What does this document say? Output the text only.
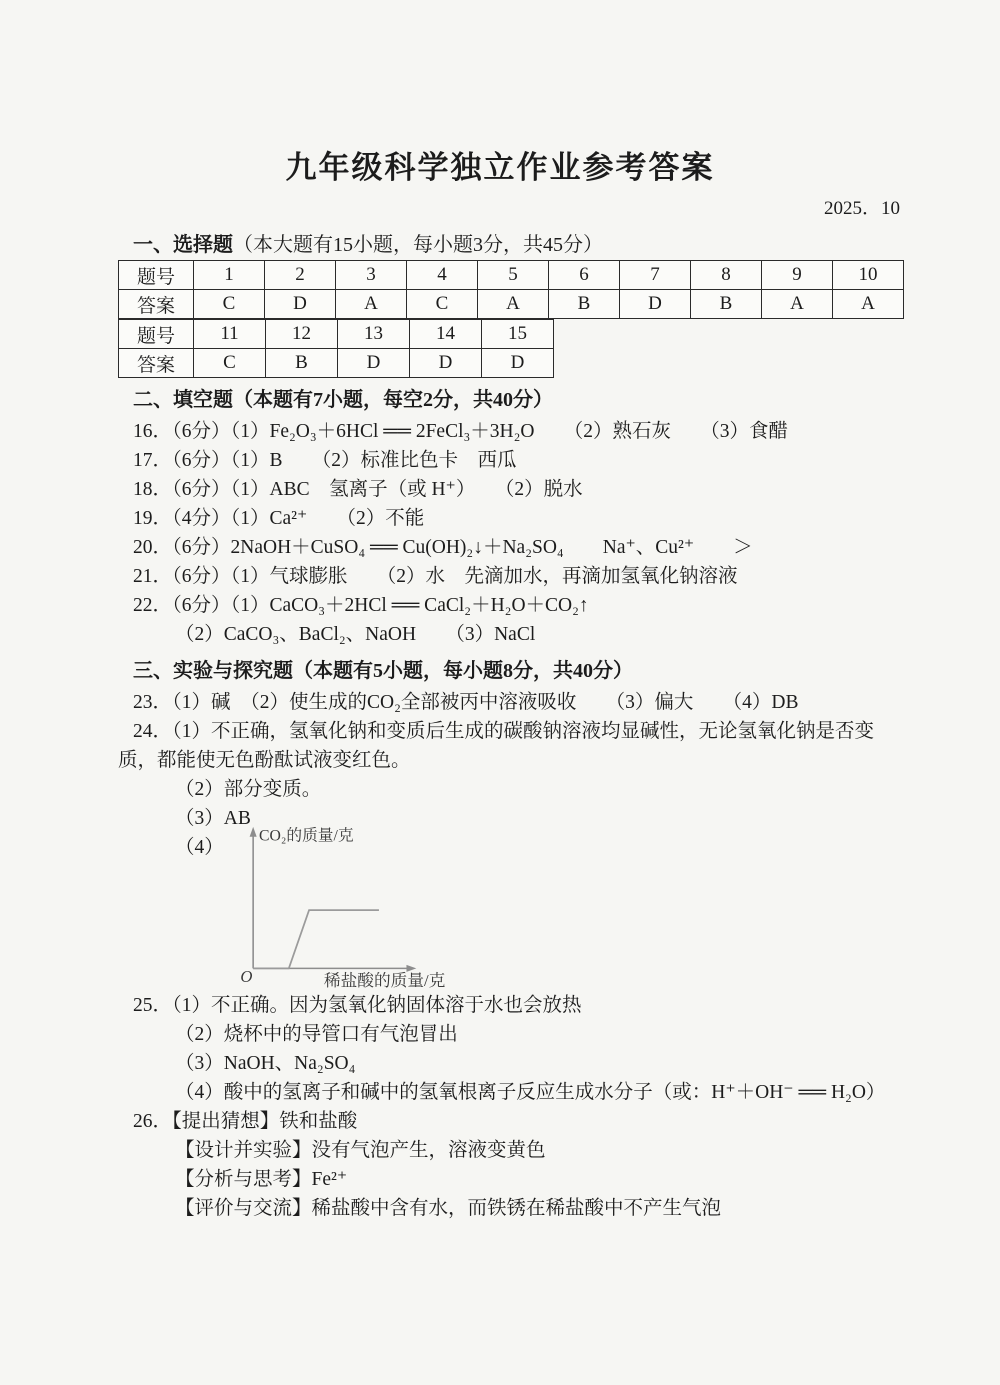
九年级科学独立作业参考答案
2025．10
一、选择题（本大题有15小题，每小题3分，共45分）
题号	1	2	3	4	5	6	7	8	9	10
答案	C	D	A	C	A	B	D	B	A	A
题号	11	12	13	14	15
答案	C	B	D	D	D
二、填空题（本题有7小题，每空2分，共40分）
16．（6分）（1）Fe₂O₃＋6HCl ══ 2FeCl₃＋3H₂O　　（2）熟石灰　　（3）食醋
17．（6分）（1）B　　（2）标准比色卡　西瓜
18．（6分）（1）ABC　氢离子（或 H⁺）　　（2）脱水
19．（4分）（1）Ca²⁺　　（2）不能
20．（6分）2NaOH＋CuSO₄ ══ Cu(OH)₂↓＋Na₂SO₄　　Na⁺、Cu²⁺　　＞
21．（6分）（1）气球膨胀　　（2）水　先滴加水，再滴加氢氧化钠溶液
22．（6分）（1）CaCO₃＋2HCl ══ CaCl₂＋H₂O＋CO₂↑
（2）CaCO₃、BaCl₂、NaOH　　（3）NaCl
三、实验与探究题（本题有5小题，每小题8分，共40分）
23．（1）碱　（2）使生成的CO₂全部被丙中溶液吸收　　（3）偏大　　（4）DB
24．（1）不正确，氢氧化钠和变质后生成的碳酸钠溶液均显碱性，无论氢氧化钠是否变
质，都能使无色酚酞试液变红色。
（2）部分变质。
（3）AB
（4）
CO₂的质量/克
稀盐酸的质量/克
O
25．（1）不正确。因为氢氧化钠固体溶于水也会放热
（2）烧杯中的导管口有气泡冒出
（3）NaOH、Na₂SO₄
（4）酸中的氢离子和碱中的氢氧根离子反应生成水分子（或：H⁺＋OH⁻ ══ H₂O）
26．【提出猜想】铁和盐酸
【设计并实验】没有气泡产生，溶液变黄色
【分析与思考】Fe²⁺
【评价与交流】稀盐酸中含有水，而铁锈在稀盐酸中不产生气泡
